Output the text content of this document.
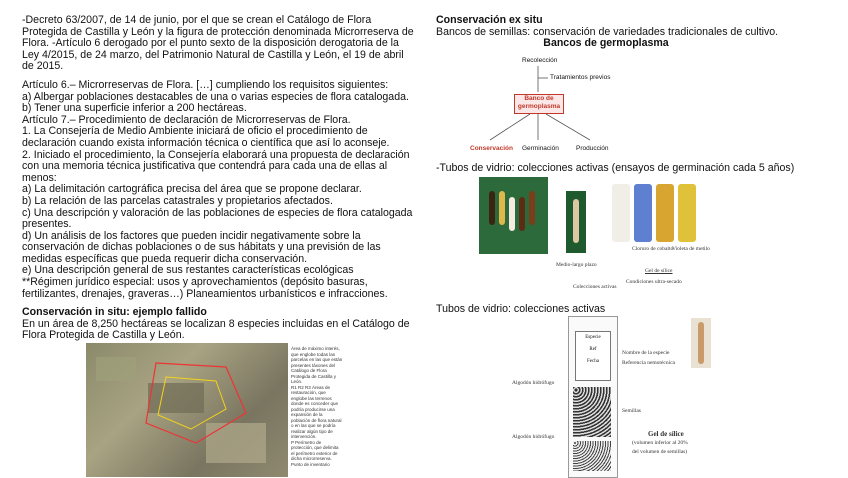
-Decreto 63/2007, de 14 de junio, por el que se crean el Catálogo de Flora Protegida de Castilla y León y la figura de protección denominada Microrreserva de Flora. -Artículo 6 derogado por el punto sexto de la disposición derogatoria de la Ley 4/2015, de 24 marzo, del Patrimonio Natural de Castilla y León, el 19 de abril de 2015.

Artículo 6.– Microrreservas de Flora. […] cumpliendo los requisitos siguientes:

a) Albergar poblaciones destacables de una o varias especies de flora catalogada.

b) Tener una superficie inferior a 200 hectáreas.

Artículo 7.– Procedimiento de declaración de Microrreservas de Flora.

1. La Consejería de Medio Ambiente iniciará de oficio el procedimiento de declaración cuando exista información técnica o científica que así lo aconseje.

2. Iniciado el procedimiento, la Consejería elaborará una propuesta de declaración con una memoria técnica justificativa que contendrá para cada una de ellas al menos:

a) La delimitación cartográfica precisa del área que se propone declarar.

b) La relación de las parcelas catastrales y propietarios afectados.

c) Una descripción y valoración de las poblaciones de especies de flora catalogada presentes.

d) Un análisis de los factores que pueden incidir negativamente sobre la conservación de dichas poblaciones o de sus hábitats y una previsión de las medidas específicas que pueda requerir dicha conservación.

e) Una descripción general de sus restantes características ecológicas

**Régimen jurídico especial: usos y aprovechamientos (depósito basuras, fertilizantes, drenajes, graveras…) Planeamientos urbanísticos e infracciones.

Conservación in situ: ejemplo fallido

En un área de 8,250 hectáreas se localizan 8 especies incluidas en el Catálogo de Flora Protegida de Castilla y León.

Área de máximo interés, que englobe todas las parcelas en las que están presentes táxones del Catálogo de Flora Protegida de Castilla y León.
R1 R2 R3 Áreas de restauración, que englobe las terrenos donde es conceder que podría producirse una expansión de la población de flora natural o en las que se podría realizar algún tipo de intervención.
P Perímetro de protección, que delimita el perímetro exterior de dicha microrreserva.
Punto de inventario
Conservación ex situ
Bancos de semillas: conservación de variedades tradicionales de cultivo.
Bancos de germoplasma
Recolección
Tratamientos previos
Banco de germoplasma
Conservación Germinación	Producción
-Tubos de vidrio: colecciones activas (ensayos de germinación cada 5 años)
Medio-largo plazo
Colecciones activas
Cloruro de cobalto
Violeta de metilo
Gel de sílice
Condiciones ultra-secado
Tubos de vidrio: colecciones activas
Especie
Ref
Fecha
Nombre de la especie
Referencia nemotécnica
Algodón hidrófugo
Semillas
Algodón hidrófugo	Gel de sílice
(volumen inferior al 20%
del volumen de semillas)
